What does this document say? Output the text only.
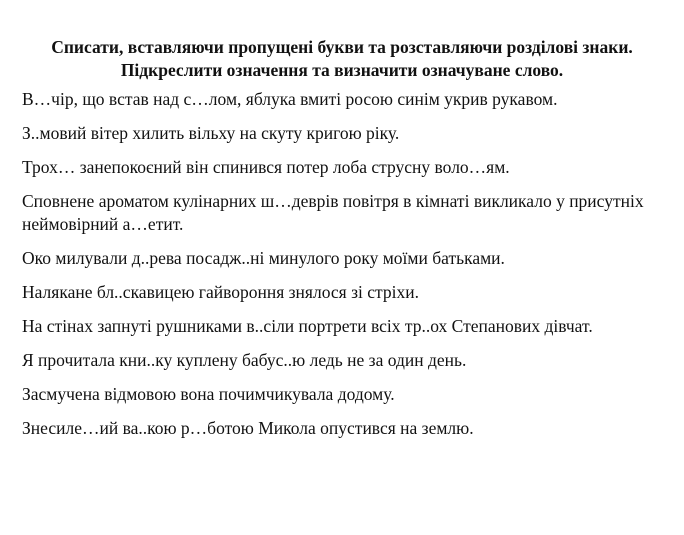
Списати, вставляючи пропущені букви та розставляючи розділові знаки.
Підкреслити означення та визначити означуване слово.
В…чір, що встав над с…лом, яблука вмиті росою синім укрив рукавом.
З..мовий вітер хилить вільху на скуту кригою ріку.
Трох… занепокоєний він спинився потер лоба струсну воло…ям.
Сповнене ароматом кулінарних ш…деврів повітря в кімнаті викликало у присутніх неймовірний а…етит.
Око милували д..рева посадж..ні минулого року моїми батьками.
Налякане бл..скавицею гайвороння знялося зі стріхи.
На стінах запнуті рушниками в..сіли портрети всіх тр..ох Степанових дівчат.
Я прочитала кни..ку куплену бабус..ю ледь не за один день.
Засмучена відмовою вона почимчикувала додому.
Знесиле…ий ва..кою р…ботою Микола опустився на землю.
